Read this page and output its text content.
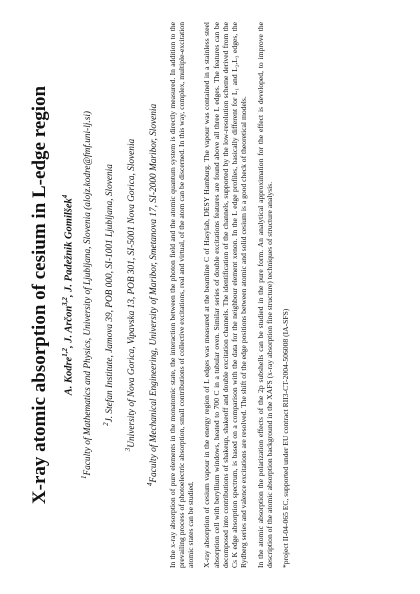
X-ray atomic absorption of cesium in L-edge region A. Kodre$^{1,2}$, J. Arčon$^{3,2}$, J. Padežnik Gomilšek$^4$
$^1$Faculty of Mathematics and Physics, University of Ljubljana, Slovenia (alojz.kodre@fmf.uni-lj.si) $^2$J. Stefan Institute, Jamova 39, POB 000, SI-1001 Ljubljana, Slovenia
$^3$University of Nova Gorica, Vipavska 13, POB 301, SI-5001 Nova Gorica, Slovenia
$^4$Faculty of Mechanical Engineering, University of Maribor, Smetanova 17, SI-2000 Maribor, Slovenia In the x-ray absorption of pure elements in the monatomic state, the interaction between the photon field and the atomic quantum system is directly measured. In addition to the prevailing process of photoelectric absorption, small contributions of collective excitations, real and virtual, of the atom can be discerned. In this way, complex, multiple-excitation atomic states can be studied. X-ray absorption of cesium vapour in the energy region of L edges was measured at the beamline C of Hasylab, DESY Hamburg. The vapour was contained in a stainless steel absorption cell with beryllium windows, heated to 700 C in a tubular oven. Similar series of double excitations features are found above all three L edges. The features can be decomposed into contributions of shakeup, shakeoff and double excitation channels. The identification of the channels, supported by the low-resolution scheme derived from the Cs K edge absorption spectrum, is based on a comparison with the data for the neighbour element xenon. In the L edge profiles, basically different for L₁ and L₂,L₃ edges, the Rydberg series and valence excitations are resolved. The shift of the edge positions between atomic and solid cesium is a good check of theoretical models. In the atomic absorption the polarization effects of the 2p subshells can be studied in the pure form. An analytical approximation for the effect is developed, to improve the description of the atomic absorption background in the XAFS (x-ray absorption fine structure) techniques of structure analysis. *project II-04-065 EC, supported under EU contract RII3-CT-2004-506008 (IA-SFS)
